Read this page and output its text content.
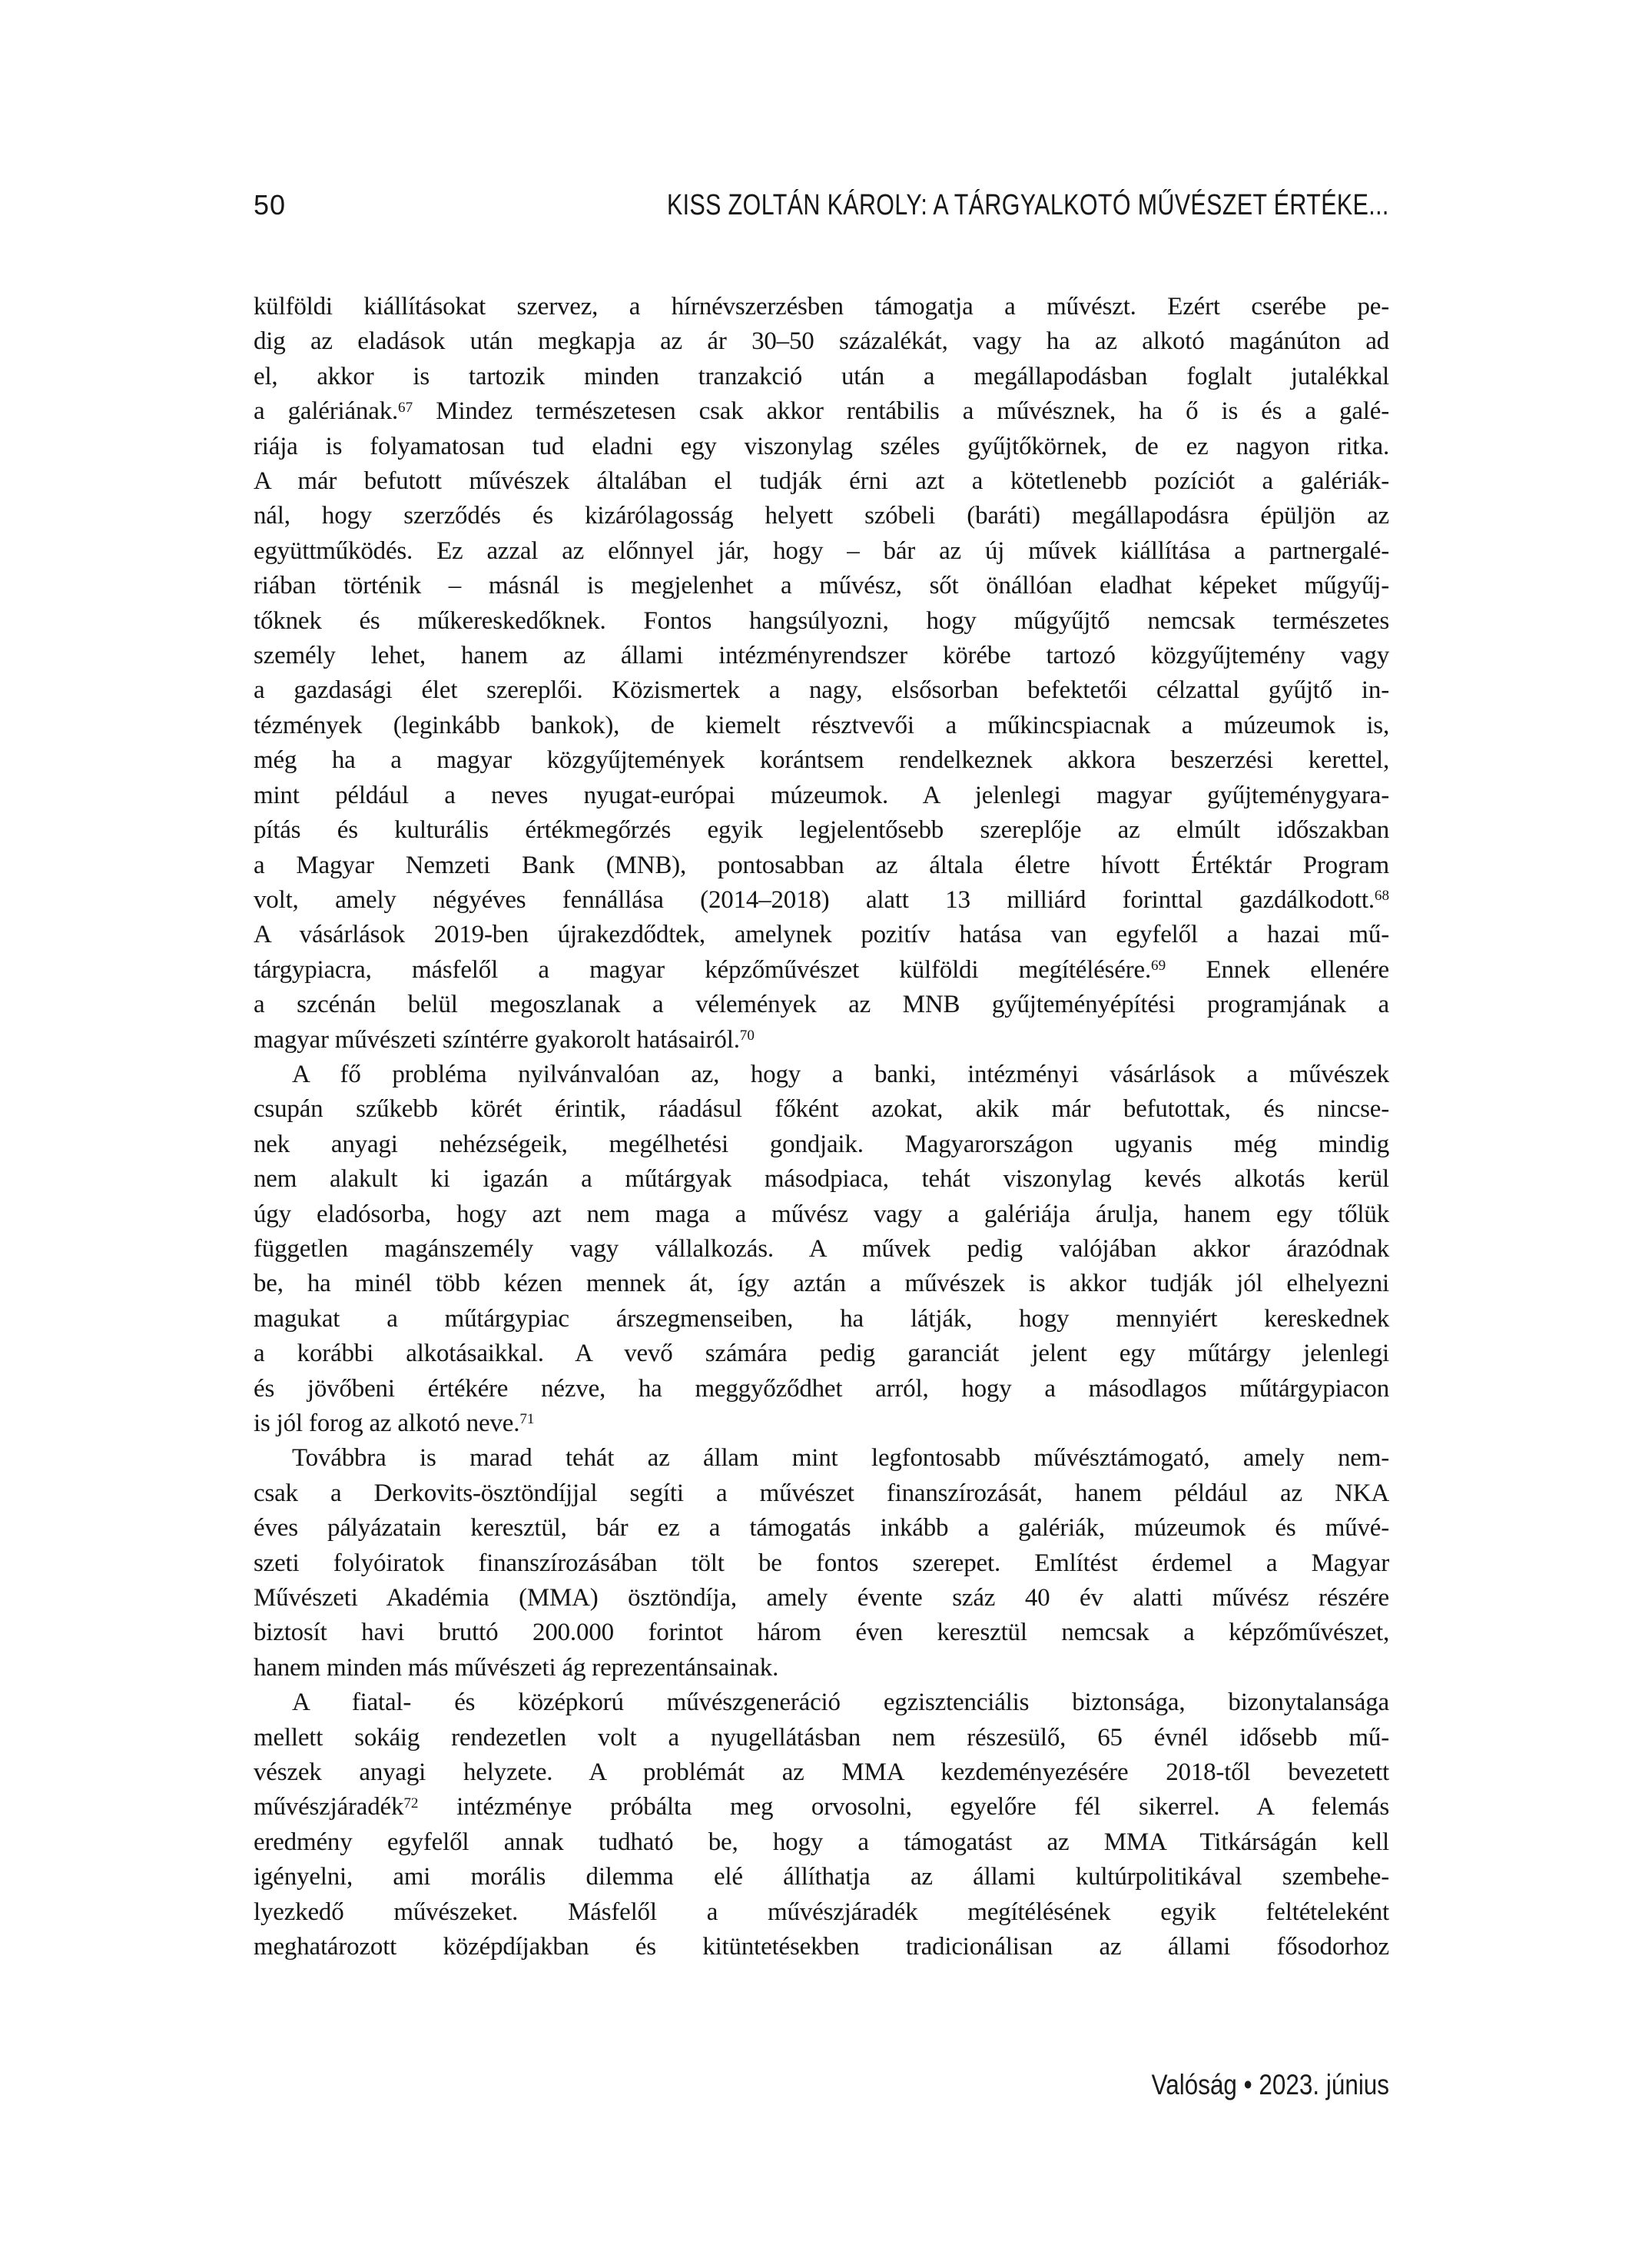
50	KISS ZOLTÁN KÁROLY: A TÁRGYALKOTÓ MŰVÉSZET ÉRTÉKE...
külföldi kiállításokat szervez, a hírnévszerzésben támogatja a művészt. Ezért cserébe pe-
dig az eladások után megkapja az ár 30–50 százalékát, vagy ha az alkotó magánúton ad
el, akkor is tartozik minden tranzakció után a megállapodásban foglalt jutalékkal
a galériának.$^{67}$ Mindez természetesen csak akkor rentábilis a művésznek, ha ő is és a galé-
riája is folyamatosan tud eladni egy viszonylag széles gyűjtőkörnek, de ez nagyon ritka.
A már befutott művészek általában el tudják érni azt a kötetlenebb pozíciót a galériák-
nál, hogy szerződés és kizárólagosság helyett szóbeli (baráti) megállapodásra épüljön az
együttműködés. Ez azzal az előnnyel jár, hogy – bár az új művek kiállítása a partnergalé-
riában történik – másnál is megjelenhet a művész, sőt önállóan eladhat képeket műgyűj-
tőknek és műkereskedőknek. Fontos hangsúlyozni, hogy műgyűjtő nemcsak természetes
személy lehet, hanem az állami intézményrendszer körébe tartozó közgyűjtemény vagy
a gazdasági élet szereplői. Közismertek a nagy, elsősorban befektetői célzattal gyűjtő in-
tézmények (leginkább bankok), de kiemelt résztvevői a műkincspiacnak a múzeumok is,
még ha a magyar közgyűjtemények korántsem rendelkeznek akkora beszerzési kerettel,
mint például a neves nyugat-európai múzeumok. A jelenlegi magyar gyűjteménygyara-
pítás és kulturális értékmegőrzés egyik legjelentősebb szereplője az elmúlt időszakban
a Magyar Nemzeti Bank (MNB), pontosabban az általa életre hívott Értéktár Program
volt, amely négyéves fennállása (2014–2018) alatt 13 milliárd forinttal gazdálkodott.$^{68}$
A vásárlások 2019-ben újrakezdődtek, amelynek pozitív hatása van egyfelől a hazai mű-
tárgypiacra, másfelől a magyar képzőművészet külföldi megítélésére.$^{69}$ Ennek ellenére
a szcénán belül megoszlanak a vélemények az MNB gyűjteményépítési programjának a
magyar művészeti színtérre gyakorolt hatásairól.$^{70}$
A fő probléma nyilvánvalóan az, hogy a banki, intézményi vásárlások a művészek
csupán szűkebb körét érintik, ráadásul főként azokat, akik már befutottak, és nincse-
nek anyagi nehézségeik, megélhetési gondjaik. Magyarországon ugyanis még mindig
nem alakult ki igazán a műtárgyak másodpiaca, tehát viszonylag kevés alkotás kerül
úgy eladósorba, hogy azt nem maga a művész vagy a galériája árulja, hanem egy tőlük
független magánszemély vagy vállalkozás. A művek pedig valójában akkor árazódnak
be, ha minél több kézen mennek át, így aztán a művészek is akkor tudják jól elhelyezni
magukat a műtárgypiac árszegmenseiben, ha látják, hogy mennyiért kereskednek
a korábbi alkotásaikkal. A vevő számára pedig garanciát jelent egy műtárgy jelenlegi
és jövőbeni értékére nézve, ha meggyőződhet arról, hogy a másodlagos műtárgypiacon
is jól forog az alkotó neve.$^{71}$
Továbbra is marad tehát az állam mint legfontosabb művésztámogató, amely nem-
csak a Derkovits-ösztöndíjjal segíti a művészet finanszírozását, hanem például az NKA
éves pályázatain keresztül, bár ez a támogatás inkább a galériák, múzeumok és művé-
szeti folyóiratok finanszírozásában tölt be fontos szerepet. Említést érdemel a Magyar
Művészeti Akadémia (MMA) ösztöndíja, amely évente száz 40 év alatti művész részére
biztosít havi bruttó 200.000 forintot három éven keresztül nemcsak a képzőművészet,
hanem minden más művészeti ág reprezentánsainak.
A fiatal- és középkorú művészgeneráció egzisztenciális biztonsága, bizonytalansága
mellett sokáig rendezetlen volt a nyugellátásban nem részesülő, 65 évnél idősebb mű-
vészek anyagi helyzete. A problémát az MMA kezdeményezésére 2018-től bevezetett
művészjáradék$^{72}$ intézménye próbálta meg orvosolni, egyelőre fél sikerrel. A felemás
eredmény egyfelől annak tudható be, hogy a támogatást az MMA Titkárságán kell
igényelni, ami morális dilemma elé állíthatja az állami kultúrpolitikával szembehe-
lyezkedő művészeket. Másfelől a művészjáradék megítélésének egyik feltételeként
meghatározott középdíjakban és kitüntetésekben tradicionálisan az állami fősodorhoz
Valóság • 2023. június
